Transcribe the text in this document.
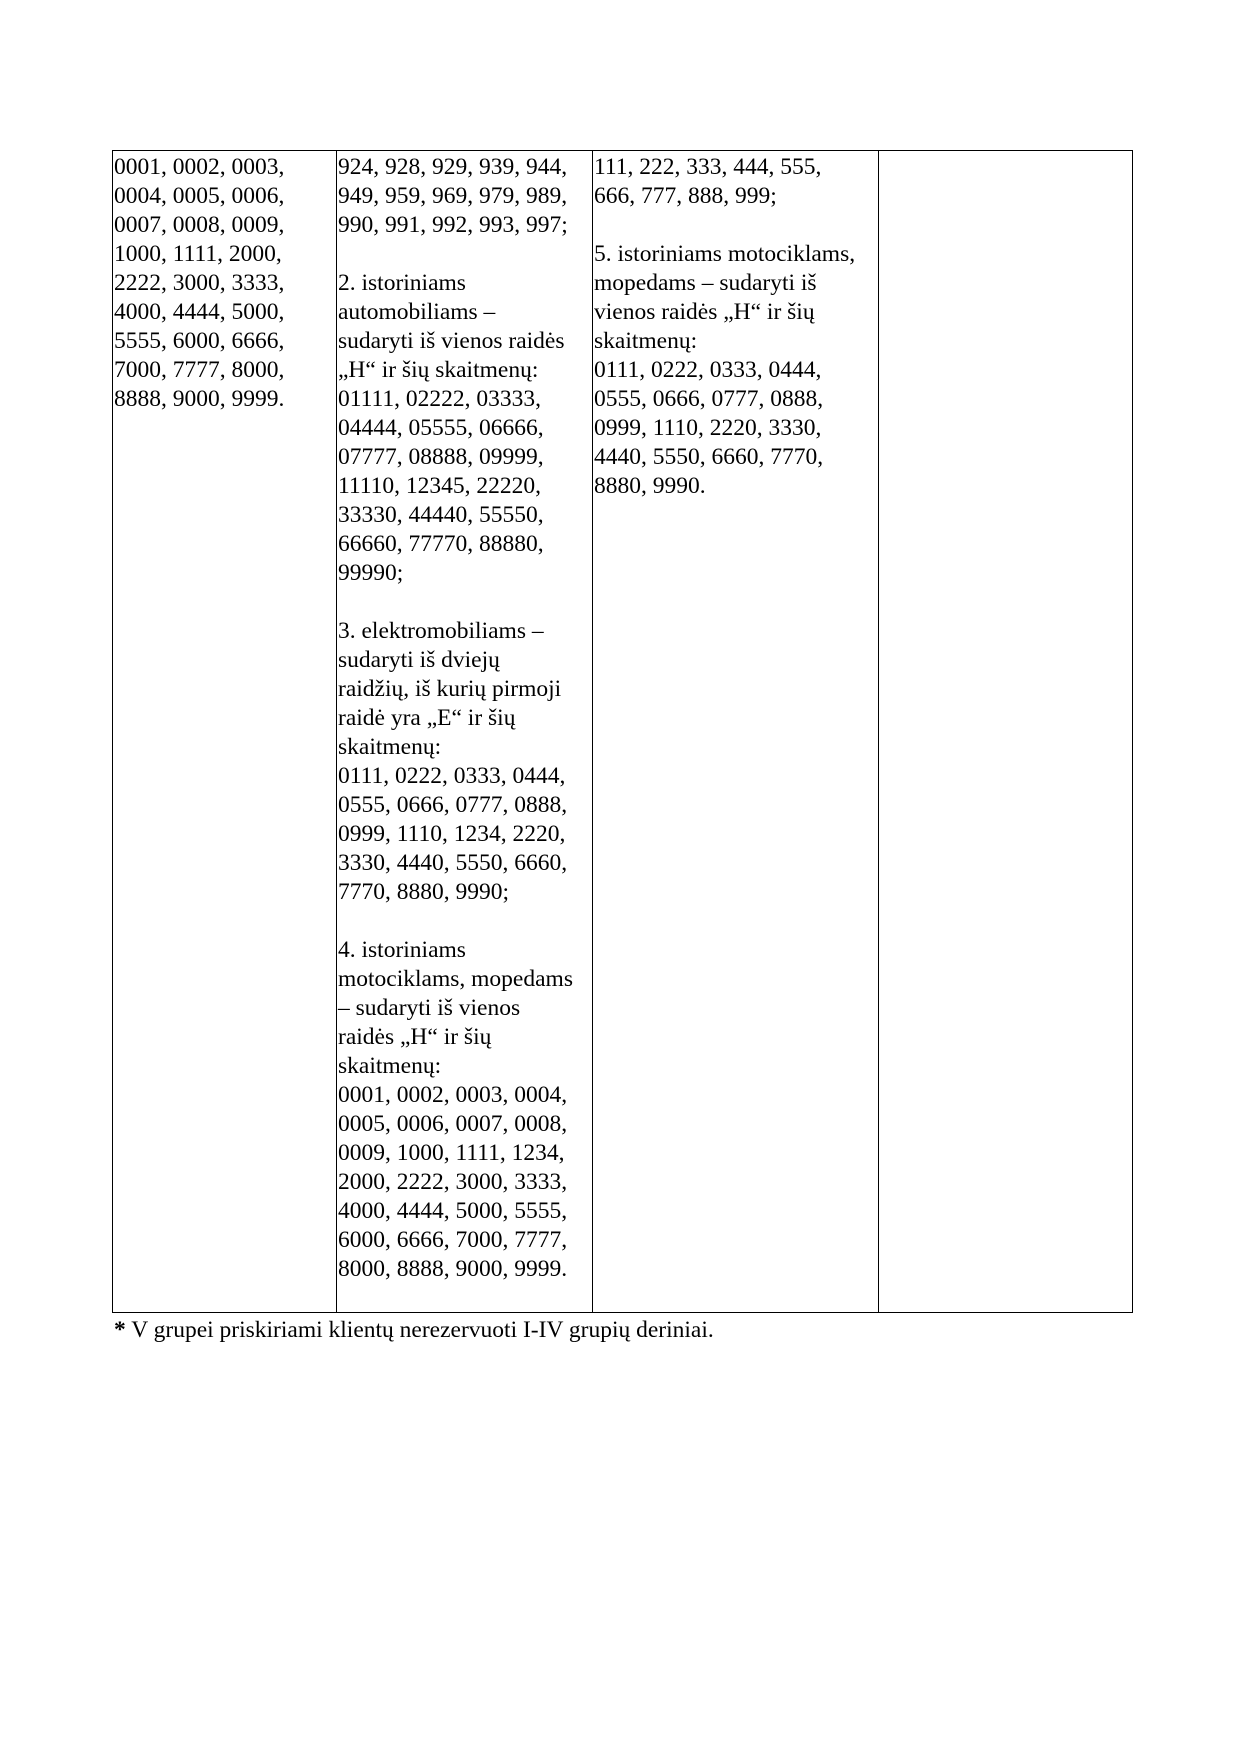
0001, 0002, 0003,
0004, 0005, 0006,
0007, 0008, 0009,
1000, 1111, 2000,
2222, 3000, 3333,
4000, 4444, 5000,
5555, 6000, 6666,
7000, 7777, 8000,
8888, 9000, 9999.	924, 928, 929, 939, 944,
949, 959, 969, 979, 989,
990, 991, 992, 993, 997;

2. istoriniams
automobiliams –
sudaryti iš vienos raidės
„H“ ir šių skaitmenų:
01111, 02222, 03333,
04444, 05555, 06666,
07777, 08888, 09999,
11110, 12345, 22220,
33330, 44440, 55550,
66660, 77770, 88880,
99990;

3. elektromobiliams –
sudaryti iš dviejų
raidžių, iš kurių pirmoji
raidė yra „E“ ir šių
skaitmenų:
0111, 0222, 0333, 0444,
0555, 0666, 0777, 0888,
0999, 1110, 1234, 2220,
3330, 4440, 5550, 6660,
7770, 8880, 9990;

4. istoriniams
motociklams, mopedams
– sudaryti iš vienos
raidės „H“ ir šių
skaitmenų:
0001, 0002, 0003, 0004,
0005, 0006, 0007, 0008,
0009, 1000, 1111, 1234,
2000, 2222, 3000, 3333,
4000, 4444, 5000, 5555,
6000, 6666, 7000, 7777,
8000, 8888, 9000, 9999.	111, 222, 333, 444, 555,
666, 777, 888, 999;

5. istoriniams motociklams,
mopedams – sudaryti iš
vienos raidės „H“ ir šių
skaitmenų:
0111, 0222, 0333, 0444,
0555, 0666, 0777, 0888,
0999, 1110, 2220, 3330,
4440, 5550, 6660, 7770,
8880, 9990.	
* V grupei priskiriami klientų nerezervuoti I-IV grupių deriniai.
